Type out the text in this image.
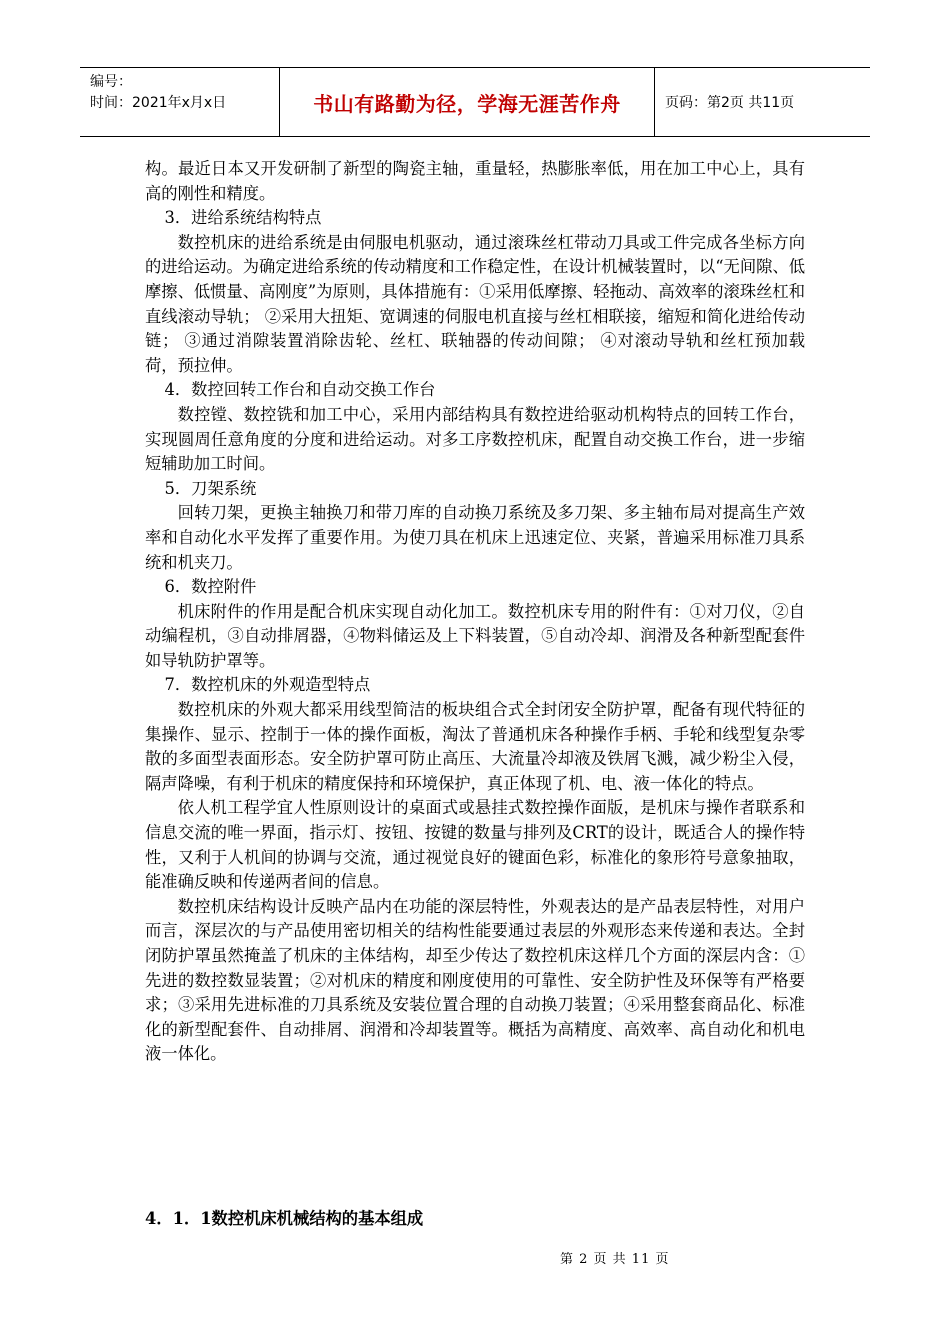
编号：
时间：2021年x月x日	书山有路勤为径，学海无涯苦作舟	页码：第2页 共11页

构。最近日本又开发研制了新型的陶瓷主轴，重量轻，热膨胀率低，用在加工中心上，具有高的刚性和精度。

3．进给系统结构特点

数控机床的进给系统是由伺服电机驱动，通过滚珠丝杠带动刀具或工件完成各坐标方向的进给运动。为确定进给系统的传动精度和工作稳定性，在设计机械装置时，以“无间隙、低摩擦、低惯量、高刚度”为原则，具体措施有：①采用低摩擦、轻拖动、高效率的滚珠丝杠和直线滚动导轨； ②采用大扭矩、宽调速的伺服电机直接与丝杠相联接，缩短和简化进给传动链； ③通过消隙装置消除齿轮、丝杠、联轴器的传动间隙； ④对滚动导轨和丝杠预加载荷，预拉伸。

4．数控回转工作台和自动交换工作台

数控镗、数控铣和加工中心，采用内部结构具有数控进给驱动机构特点的回转工作台，实现圆周任意角度的分度和进给运动。对多工序数控机床，配置自动交换工作台，进一步缩短辅助加工时间。

5．刀架系统

回转刀架，更换主轴换刀和带刀库的自动换刀系统及多刀架、多主轴布局对提高生产效率和自动化水平发挥了重要作用。为使刀具在机床上迅速定位、夹紧，普遍采用标准刀具系统和机夹刀。

6．数控附件

机床附件的作用是配合机床实现自动化加工。数控机床专用的附件有：①对刀仪，②自动编程机，③自动排屑器，④物料储运及上下料装置，⑤自动冷却、润滑及各种新型配套件如导轨防护罩等。

7．数控机床的外观造型特点

数控机床的外观大都采用线型简洁的板块组合式全封闭安全防护罩，配备有现代特征的集操作、显示、控制于一体的操作面板，淘汰了普通机床各种操作手柄、手轮和线型复杂零散的多面型表面形态。安全防护罩可防止高压、大流量冷却液及铁屑飞溅，减少粉尘入侵，隔声降噪，有利于机床的精度保持和环境保护，真正体现了机、电、液一体化的特点。

依人机工程学宜人性原则设计的桌面式或悬挂式数控操作面版，是机床与操作者联系和信息交流的唯一界面，指示灯、按钮、按键的数量与排列及CRT的设计，既适合人的操作特性，又利于人机间的协调与交流，通过视觉良好的键面色彩，标准化的象形符号意象抽取，能准确反映和传递两者间的信息。

数控机床结构设计反映产品内在功能的深层特性，外观表达的是产品表层特性，对用户而言，深层次的与产品使用密切相关的结构性能要通过表层的外观形态来传递和表达。全封闭防护罩虽然掩盖了机床的主体结构，却至少传达了数控机床这样几个方面的深层内含：①先进的数控数显装置；②对机床的精度和刚度使用的可靠性、安全防护性及环保等有严格要求；③采用先进标准的刀具系统及安装位置合理的自动换刀装置；④采用整套商品化、标准化的新型配套件、自动排屑、润滑和冷却装置等。概括为高精度、高效率、高自动化和机电液一体化。

4．1．1数控机床机械结构的基本组成
第 2 页 共 11 页
